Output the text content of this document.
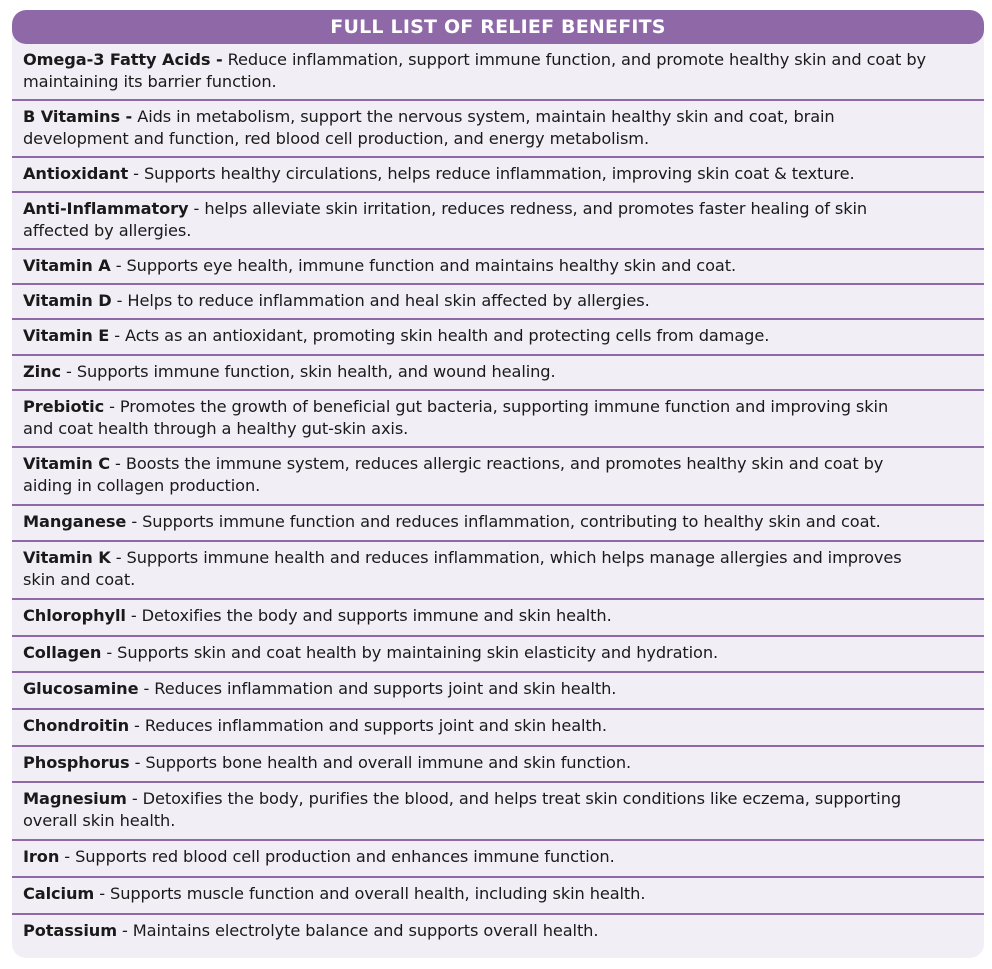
FULL LIST OF RELIEF BENEFITS
Omega-3 Fatty Acids - Reduce inflammation, support immune function, and promote healthy skin and coat by
maintaining its barrier function.
B Vitamins - Aids in metabolism, support the nervous system, maintain healthy skin and coat, brain
development and function, red blood cell production, and energy metabolism.
Antioxidant - Supports healthy circulations, helps reduce inflammation, improving skin coat & texture.
Anti-Inflammatory - helps alleviate skin irritation, reduces redness, and promotes faster healing of skin
affected by allergies.
Vitamin A - Supports eye health, immune function and maintains healthy skin and coat.
Vitamin D - Helps to reduce inflammation and heal skin affected by allergies.
Vitamin E - Acts as an antioxidant, promoting skin health and protecting cells from damage.
Zinc - Supports immune function, skin health, and wound healing.
Prebiotic - Promotes the growth of beneficial gut bacteria, supporting immune function and improving skin
and coat health through a healthy gut-skin axis.
Vitamin C - Boosts the immune system, reduces allergic reactions, and promotes healthy skin and coat by
aiding in collagen production.
Manganese - Supports immune function and reduces inflammation, contributing to healthy skin and coat.
Vitamin K - Supports immune health and reduces inflammation, which helps manage allergies and improves
skin and coat.
Chlorophyll - Detoxifies the body and supports immune and skin health.
Collagen - Supports skin and coat health by maintaining skin elasticity and hydration.
Glucosamine - Reduces inflammation and supports joint and skin health.
Chondroitin - Reduces inflammation and supports joint and skin health.
Phosphorus - Supports bone health and overall immune and skin function.
Magnesium - Detoxifies the body, purifies the blood, and helps treat skin conditions like eczema, supporting
overall skin health.
Iron - Supports red blood cell production and enhances immune function.
Calcium - Supports muscle function and overall health, including skin health.
Potassium - Maintains electrolyte balance and supports overall health.
